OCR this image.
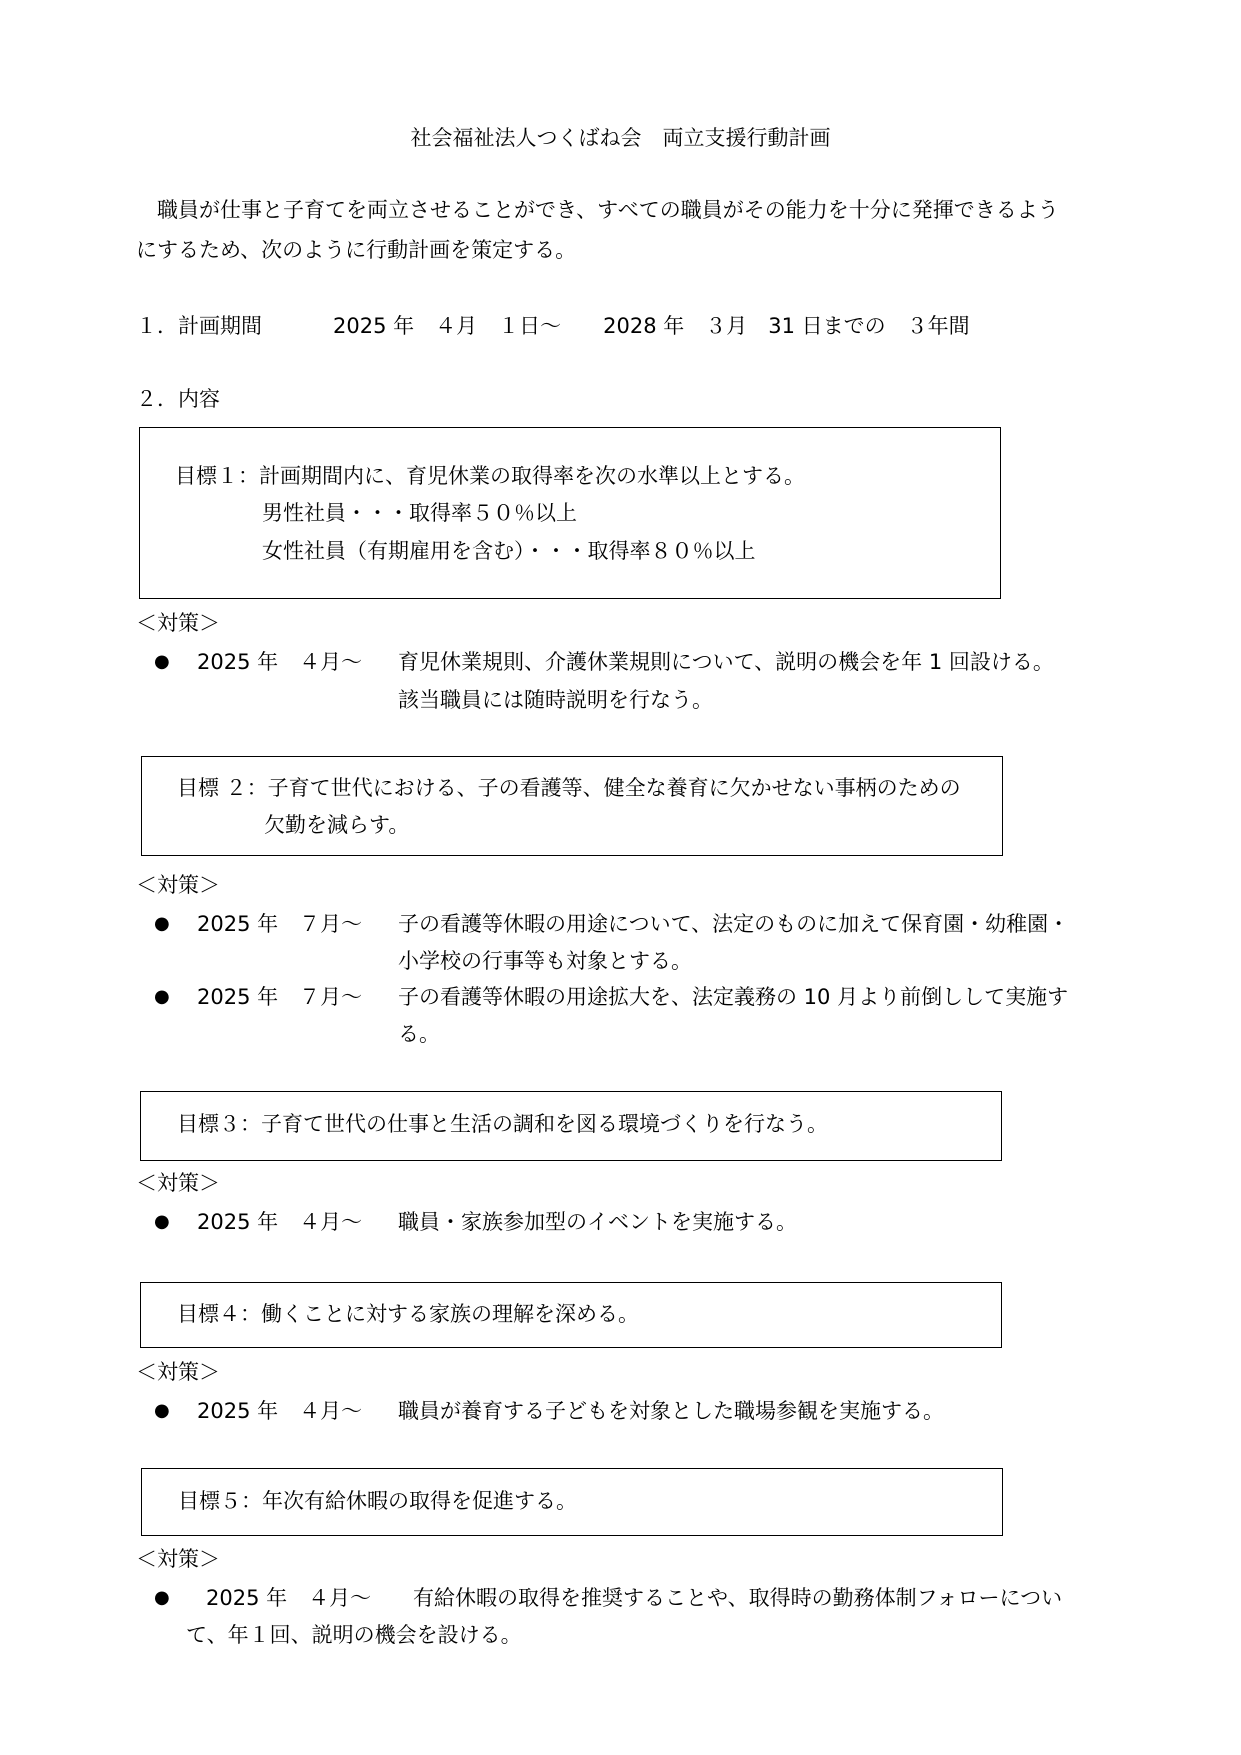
社会福祉法人つくばね会　両立支援行動計画
　職員が仕事と子育てを両立させることができ、すべての職員がその能力を十分に発揮できるよう
にするため、次のように行動計画を策定する。
１．計画期間	2025 年　４月　１日～　　2028 年　３月　31 日までの　３年間
２．内容
目標１：計画期間内に、育児休業の取得率を次の水準以上とする。
男性社員・・・取得率５０％以上
女性社員（有期雇用を含む）・・・取得率８０％以上
＜対策＞
● 2025 年　４月～ 育児休業規則、介護休業規則について、説明の機会を年 1 回設ける。
該当職員には随時説明を行なう。
目標 ２：子育て世代における、子の看護等、健全な養育に欠かせない事柄のための
欠勤を減らす。
＜対策＞
● 2025 年　７月～ 子の看護等休暇の用途について、法定のものに加えて保育園・幼稚園・
小学校の行事等も対象とする。
● 2025 年　７月～ 子の看護等休暇の用途拡大を、法定義務の 10 月より前倒しして実施す
る。
目標３：子育て世代の仕事と生活の調和を図る環境づくりを行なう。
＜対策＞
● 2025 年　４月～ 職員・家族参加型のイベントを実施する。
目標４：働くことに対する家族の理解を深める。
＜対策＞
● 2025 年　４月～ 職員が養育する子どもを対象とした職場参観を実施する。
目標５：年次有給休暇の取得を促進する。
＜対策＞
● 2025 年　４月～ 有給休暇の取得を推奨することや、取得時の勤務体制フォローについ
て、年１回、説明の機会を設ける。
